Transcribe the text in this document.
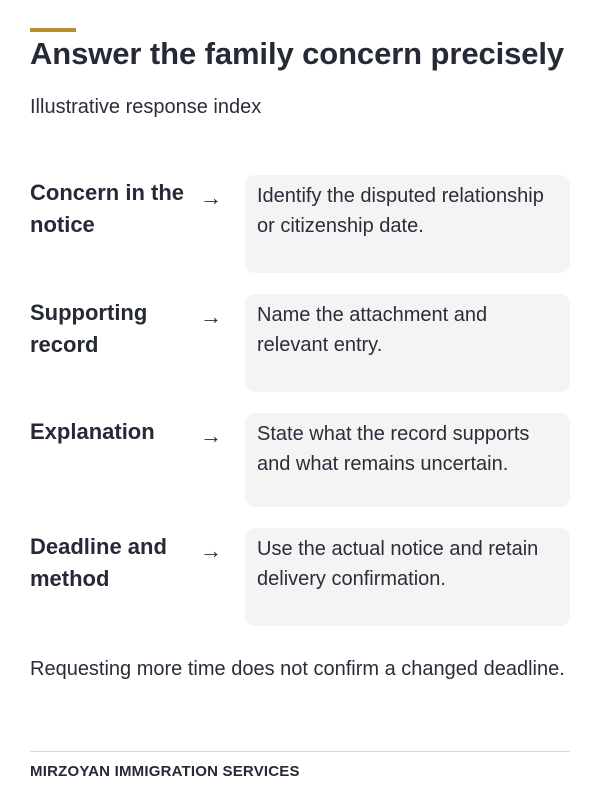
Answer the family concern precisely
Illustrative response index
Concern in the notice
→ Identify the disputed relationship or citizenship date.
Supporting record
→ Name the attachment and relevant entry.
Explanation	→ State what the record supports and what remains uncertain.
Deadline and method
→ Use the actual notice and retain delivery confirmation.

Requesting more time does not confirm a changed deadline.

MIRZOYAN IMMIGRATION SERVICES
